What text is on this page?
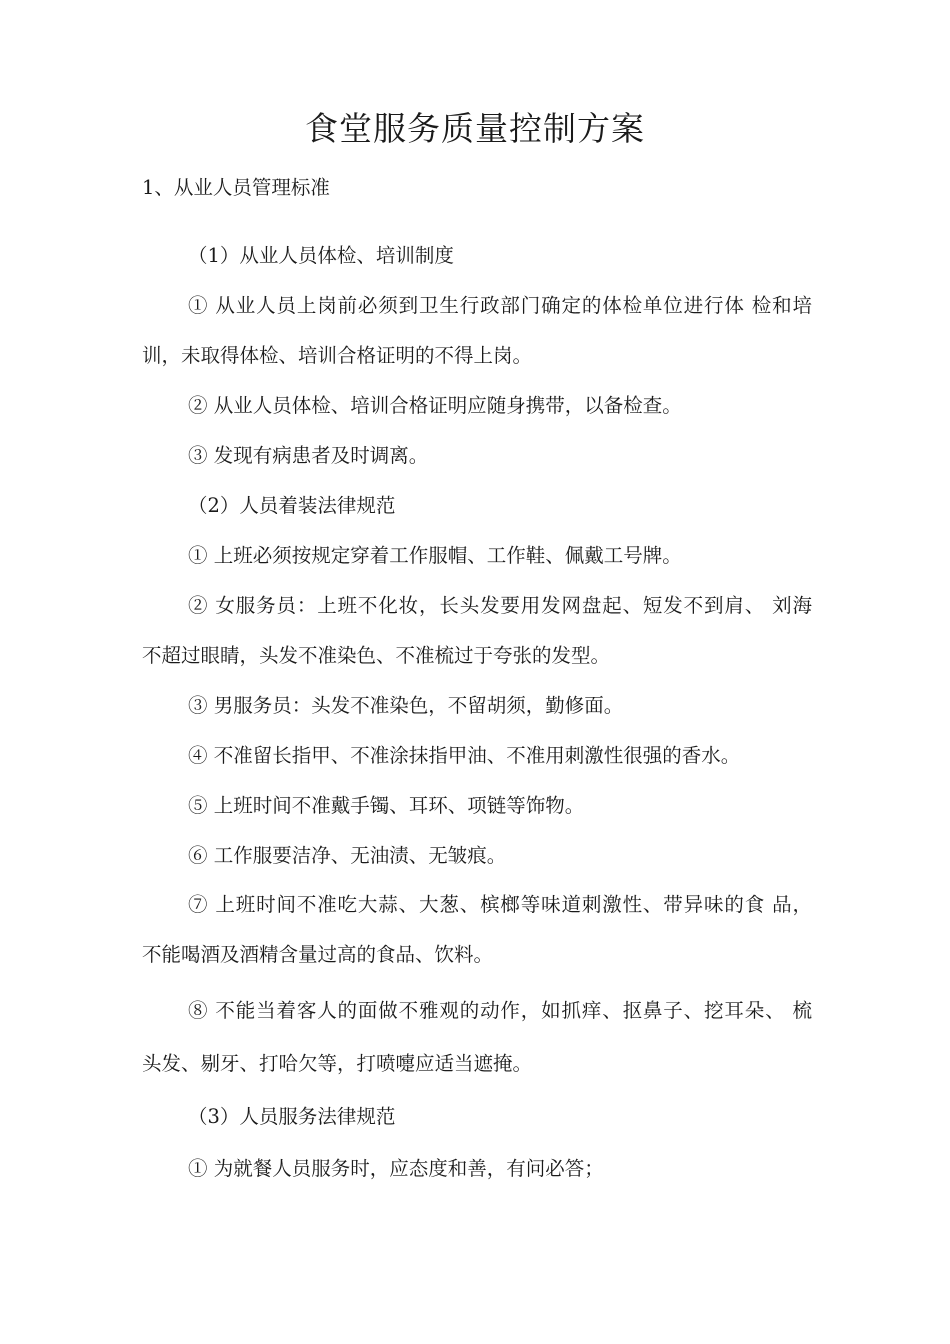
食堂服务质量控制方案
1、从业人员管理标准
（1）从业人员体检、培训制度
① 从业人员上岗前必须到卫生行政部门确定的体检单位进行体 检和培
训，未取得体检、培训合格证明的不得上岗。
② 从业人员体检、培训合格证明应随身携带，以备检查。
③ 发现有病患者及时调离。
（2）人员着装法律规范
① 上班必须按规定穿着工作服帽、工作鞋、佩戴工号牌。
② 女服务员：上班不化妆，长头发要用发网盘起、短发不到肩、 刘海
不超过眼睛，头发不准染色、不准梳过于夸张的发型。
③ 男服务员：头发不准染色，不留胡须，勤修面。
④ 不准留长指甲、不准涂抹指甲油、不准用刺激性很强的香水。
⑤ 上班时间不准戴手镯、耳环、项链等饰物。
⑥ 工作服要洁净、无油渍、无皱痕。
⑦ 上班时间不准吃大蒜、大葱、槟榔等味道刺激性、带异味的食 品，
不能喝酒及酒精含量过高的食品、饮料。
⑧ 不能当着客人的面做不雅观的动作，如抓痒、抠鼻子、挖耳朵、 梳
头发、剔牙、打哈欠等，打喷嚏应适当遮掩。
（3）人员服务法律规范
① 为就餐人员服务时，应态度和善，有问必答；
